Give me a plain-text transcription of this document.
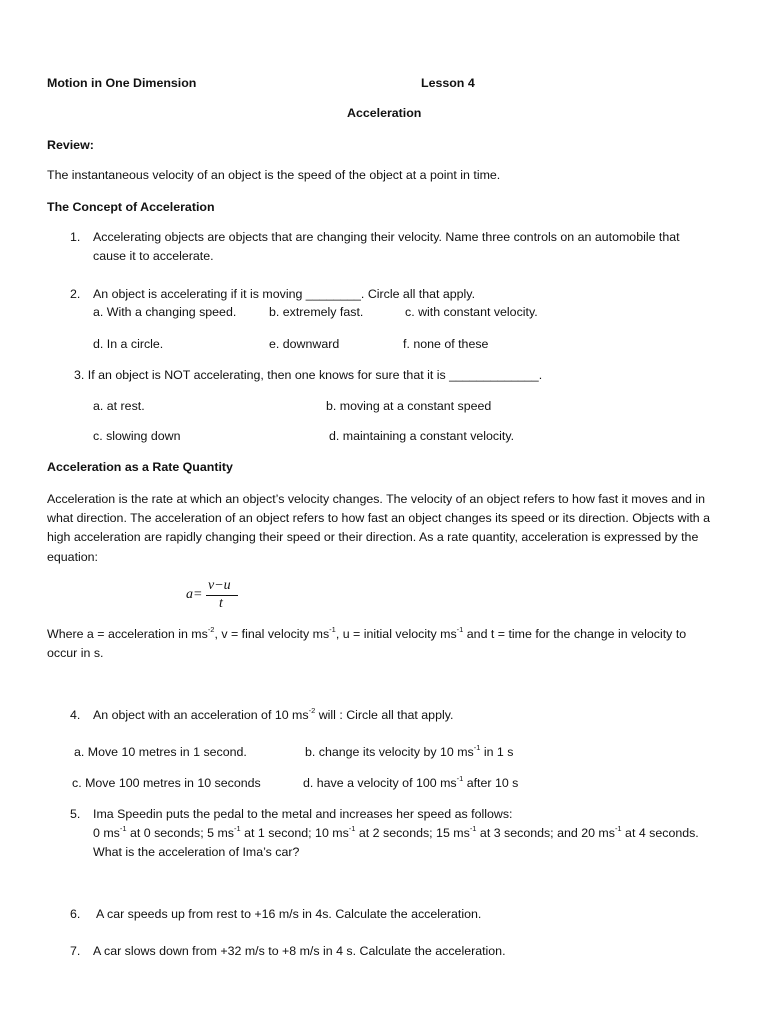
Motion in One Dimension	Lesson 4
Acceleration
Review:
The instantaneous velocity of an object is the speed of the object at a point in time.
The Concept of Acceleration
1. Accelerating objects are objects that are changing their velocity. Name three controls on an automobile that
cause it to accelerate.
2. An object is accelerating if it is moving ________. Circle all that apply.
a. With a changing speed.	b. extremely fast.	c. with constant velocity.
d. In a circle.	e. downward	f. none of these
3. If an object is NOT accelerating, then one knows for sure that it is _____________.
a. at rest.	b. moving at a constant speed
c. slowing down	d. maintaining a constant velocity.
Acceleration as a Rate Quantity
Acceleration is the rate at which an object’s velocity changes. The velocity of an object refers to how fast it moves and in what direction. The acceleration of an object refers to how fast an object changes its speed or its direction. Objects with a high acceleration are rapidly changing their speed or their direction. As a rate quantity, acceleration is expressed by the equation:
a=
v−u
t
Where a = acceleration in $ms^{-2}$, v = final velocity $ms^{-1}$, u = initial velocity $ms^{-1}$ and t = time for the change in velocity to
occur in s.
4. An object with an acceleration of 10 $ms^{-2}$ will : Circle all that apply.
a. Move 10 metres in 1 second.	b. change its velocity by 10 $ms^{-1}$ in 1 s
c. Move 100 metres in 10 seconds	d. have a velocity of 100 $ms^{-1}$ after 10 s
5. Ima Speedin puts the pedal to the metal and increases her speed as follows:
0 $ms^{-1}$ at 0 seconds; 5 $ms^{-1}$ at 1 second; 10 $ms^{-1}$ at 2 seconds; 15 $ms^{-1}$ at 3 seconds; and 20 $ms^{-1}$ at 4 seconds.
What is the acceleration of Ima’s car?
6. A car speeds up from rest to +16 m/s in 4s. Calculate the acceleration.
7. A car slows down from +32 m/s to +8 m/s in 4 s. Calculate the acceleration.
